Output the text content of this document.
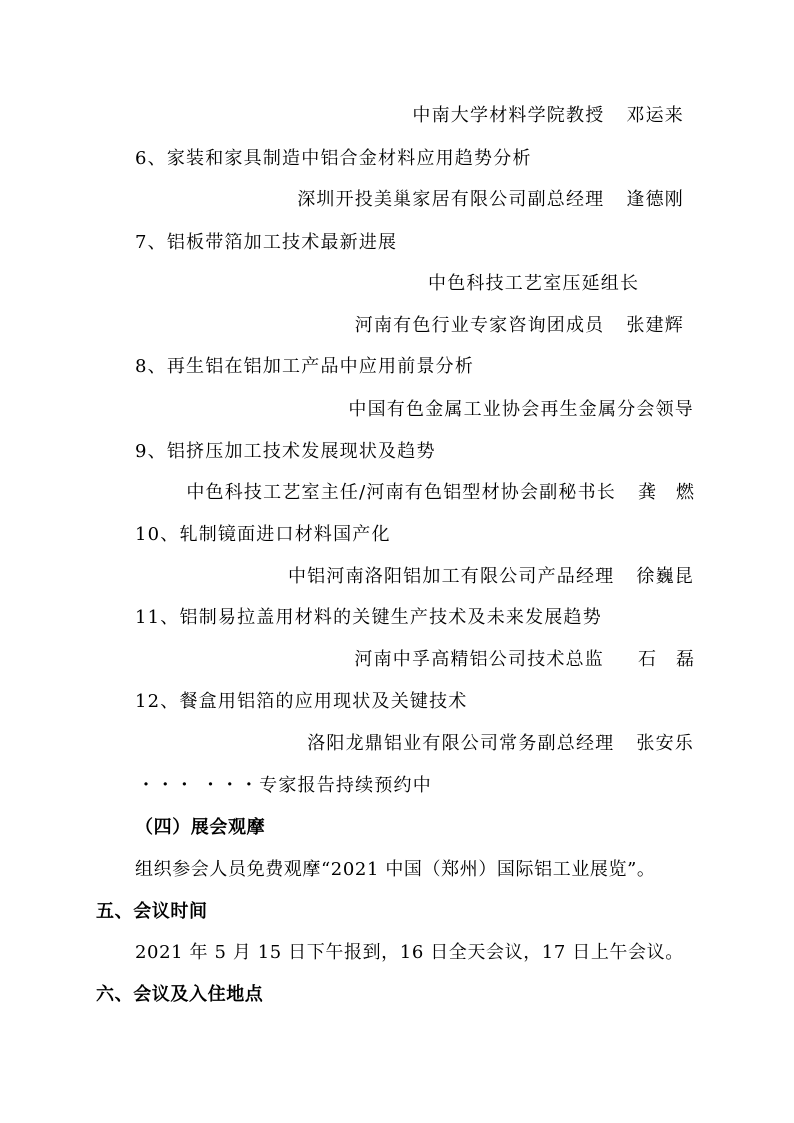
中南大学材料学院教授 邓运来
6、家装和家具制造中铝合金材料应用趋势分析
深圳开投美巢家居有限公司副总经理 逢德刚
7、铝板带箔加工技术最新进展
中色科技工艺室压延组长
河南有色行业专家咨询团成员 张建辉
8、再生铝在铝加工产品中应用前景分析
中国有色金属工业协会再生金属分会领导
9、铝挤压加工技术发展现状及趋势
中色科技工艺室主任/河南有色铝型材协会副秘书长 龚 燃
10、轧制镜面进口材料国产化
中铝河南洛阳铝加工有限公司产品经理 徐巍昆
11、铝制易拉盖用材料的关键生产技术及未来发展趋势
河南中孚高精铝公司技术总监 石 磊
12、餐盒用铝箔的应用现状及关键技术
洛阳龙鼎铝业有限公司常务副总经理 张安乐
・・・ ・・・专家报告持续预约中
（四）展会观摩
组织参会人员免费观摩“2021 中国（郑州）国际铝工业展览”。
五、会议时间
2021 年 5 月 15 日下午报到，16 日全天会议，17 日上午会议。
六、会议及入住地点
